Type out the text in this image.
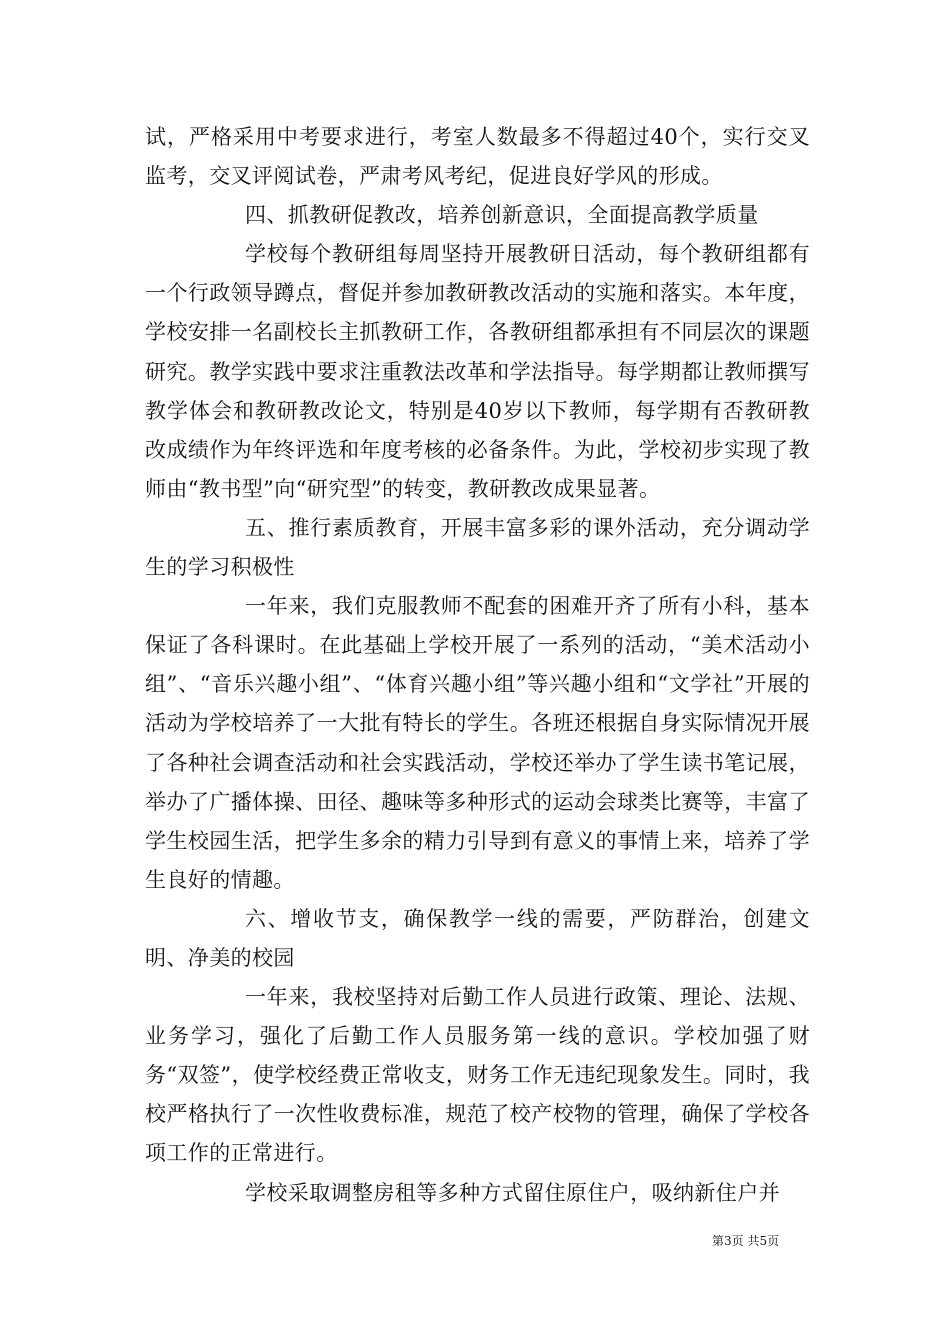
试，严格采用中考要求进行，考室人数最多不得超过40个，实行交叉监考，交叉评阅试卷，严肃考风考纪，促进良好学风的形成。

四、抓教研促教改，培养创新意识，全面提高教学质量

学校每个教研组每周坚持开展教研日活动，每个教研组都有一个行政领导蹲点，督促并参加教研教改活动的实施和落实。本年度，学校安排一名副校长主抓教研工作，各教研组都承担有不同层次的课题研究。教学实践中要求注重教法改革和学法指导。每学期都让教师撰写教学体会和教研教改论文，特别是40岁以下教师，每学期有否教研教改成绩作为年终评选和年度考核的必备条件。为此，学校初步实现了教师由“教书型”向“研究型”的转变，教研教改成果显著。

五、推行素质教育，开展丰富多彩的课外活动，充分调动学生的学习积极性

一年来，我们克服教师不配套的困难开齐了所有小科，基本保证了各科课时。在此基础上学校开展了一系列的活动，“美术活动小组”、“音乐兴趣小组”、“体育兴趣小组”等兴趣小组和“文学社”开展的活动为学校培养了一大批有特长的学生。各班还根据自身实际情况开展了各种社会调查活动和社会实践活动，学校还举办了学生读书笔记展，举办了广播体操、田径、趣味等多种形式的运动会球类比赛等，丰富了学生校园生活，把学生多余的精力引导到有意义的事情上来，培养了学生良好的情趣。

六、增收节支，确保教学一线的需要，严防群治，创建文明、净美的校园

一年来，我校坚持对后勤工作人员进行政策、理论、法规、业务学习，强化了后勤工作人员服务第一线的意识。学校加强了财务“双签”，使学校经费正常收支，财务工作无违纪现象发生。同时，我校严格执行了一次性收费标准，规范了校产校物的管理，确保了学校各项工作的正常进行。

学校采取调整房租等多种方式留住原住户，吸纳新住户并

第3页 共5页
